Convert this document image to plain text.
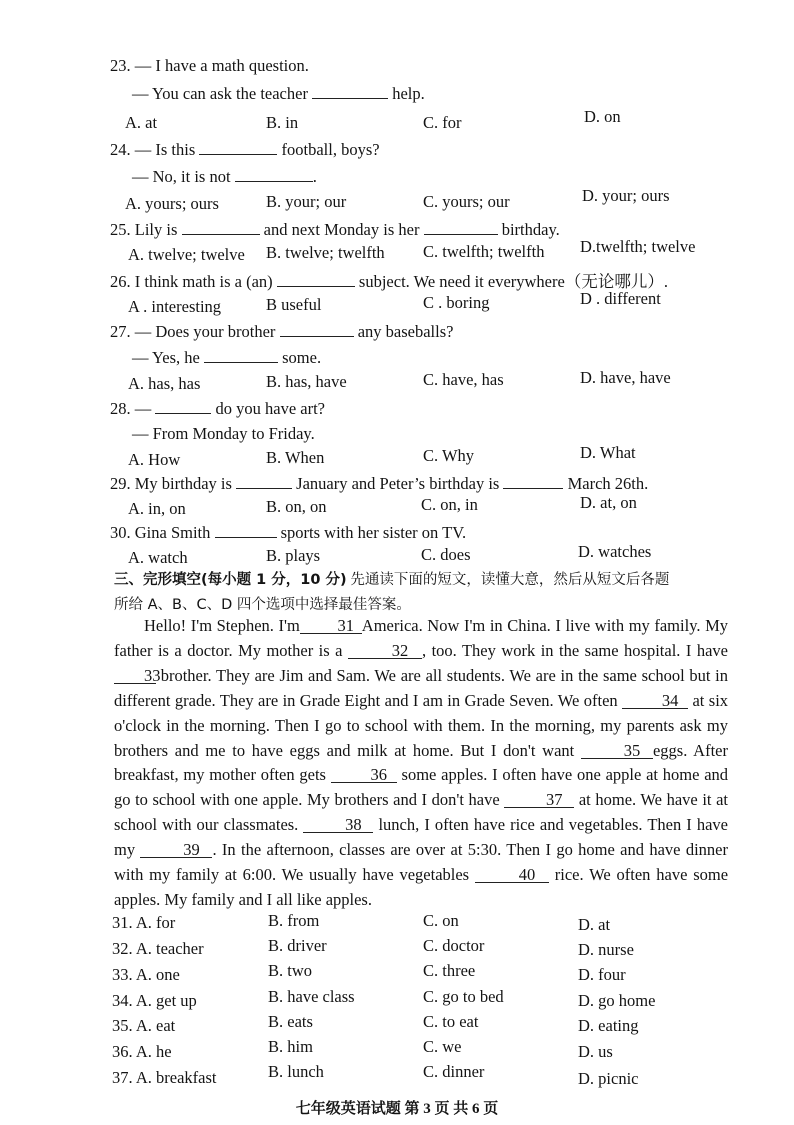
23. — I have a math question.
— You can ask the teacher	help.
A. at	B. in	C. for	D. on
24. — Is this	football, boys?
— No, it is not	.
A. yours; ours	B. your; our	C. yours; our	D. your; ours
25. Lily is	and next Monday is her	birthday.
A. twelve; twelve B. twelve; twelfth C. twelfth; twelfth D.twelfth; twelve
26. I think math is a (an)	subject. We need it everywhere（无论哪儿）.
A . interesting	B useful	C . boring	D . different
27. — Does your brother	any baseballs?
— Yes, he	some.
A. has, has	B. has, have	C. have, has	D. have, have
28. —	do you have art?
— From Monday to Friday.
A. How	B. When	C. Why	D. What
29. My birthday is	January and Peter’s birthday is	March 26th.
A. in, on	B. on, on	C. on, in	D. at, on
30. Gina Smith	sports with her sister on TV.
A. watch	B. plays	C. does	D. watches
三、完形填空(每小题 1 分，10 分) 先通读下面的短文，读懂大意，然后从短文后各题
所给 A、B、C、D 四个选项中选择最佳答案。
Hello! I'm Stephen. I'm 31 America. Now I'm in China. I live with my family. My father is a doctor. My mother is a	32 , too. They work in the same hospital. I have 33 brother. They are Jim and Sam. We are all students. We are in the same school but in different grade. They are in Grade Eight and I am in Grade Seven. We often	34 at six o'clock in the morning. Then I go to school with them. In the morning, my parents ask my brothers and me to have eggs and milk at home. But I don't want	35 eggs. After breakfast, my mother often gets	36 some apples. I often have one apple at home and go to school with one apple. My brothers and I don't have	37 at home. We have it at school with our classmates.	38 lunch, I often have rice and vegetables. Then I have my	39 . In the afternoon, classes are over at 5:30. Then I go home and have dinner with my family at 6:00. We usually have vegetables	40 rice. We often have some apples. My family and I all like apples.
31. A. for	B. from	C. on	D. at
32. A. teacher	B. driver	C. doctor	D. nurse
33. A. one	B. two	C. three	D. four
34. A. get up	B. have class	C. go to bed	D. go home
35. A. eat	B. eats	C. to eat	D. eating
36. A. he	B. him	C. we	D. us
37. A. breakfast	B. lunch	C. dinner	D. picnic
七年级英语试题 第 3 页 共 6 页
